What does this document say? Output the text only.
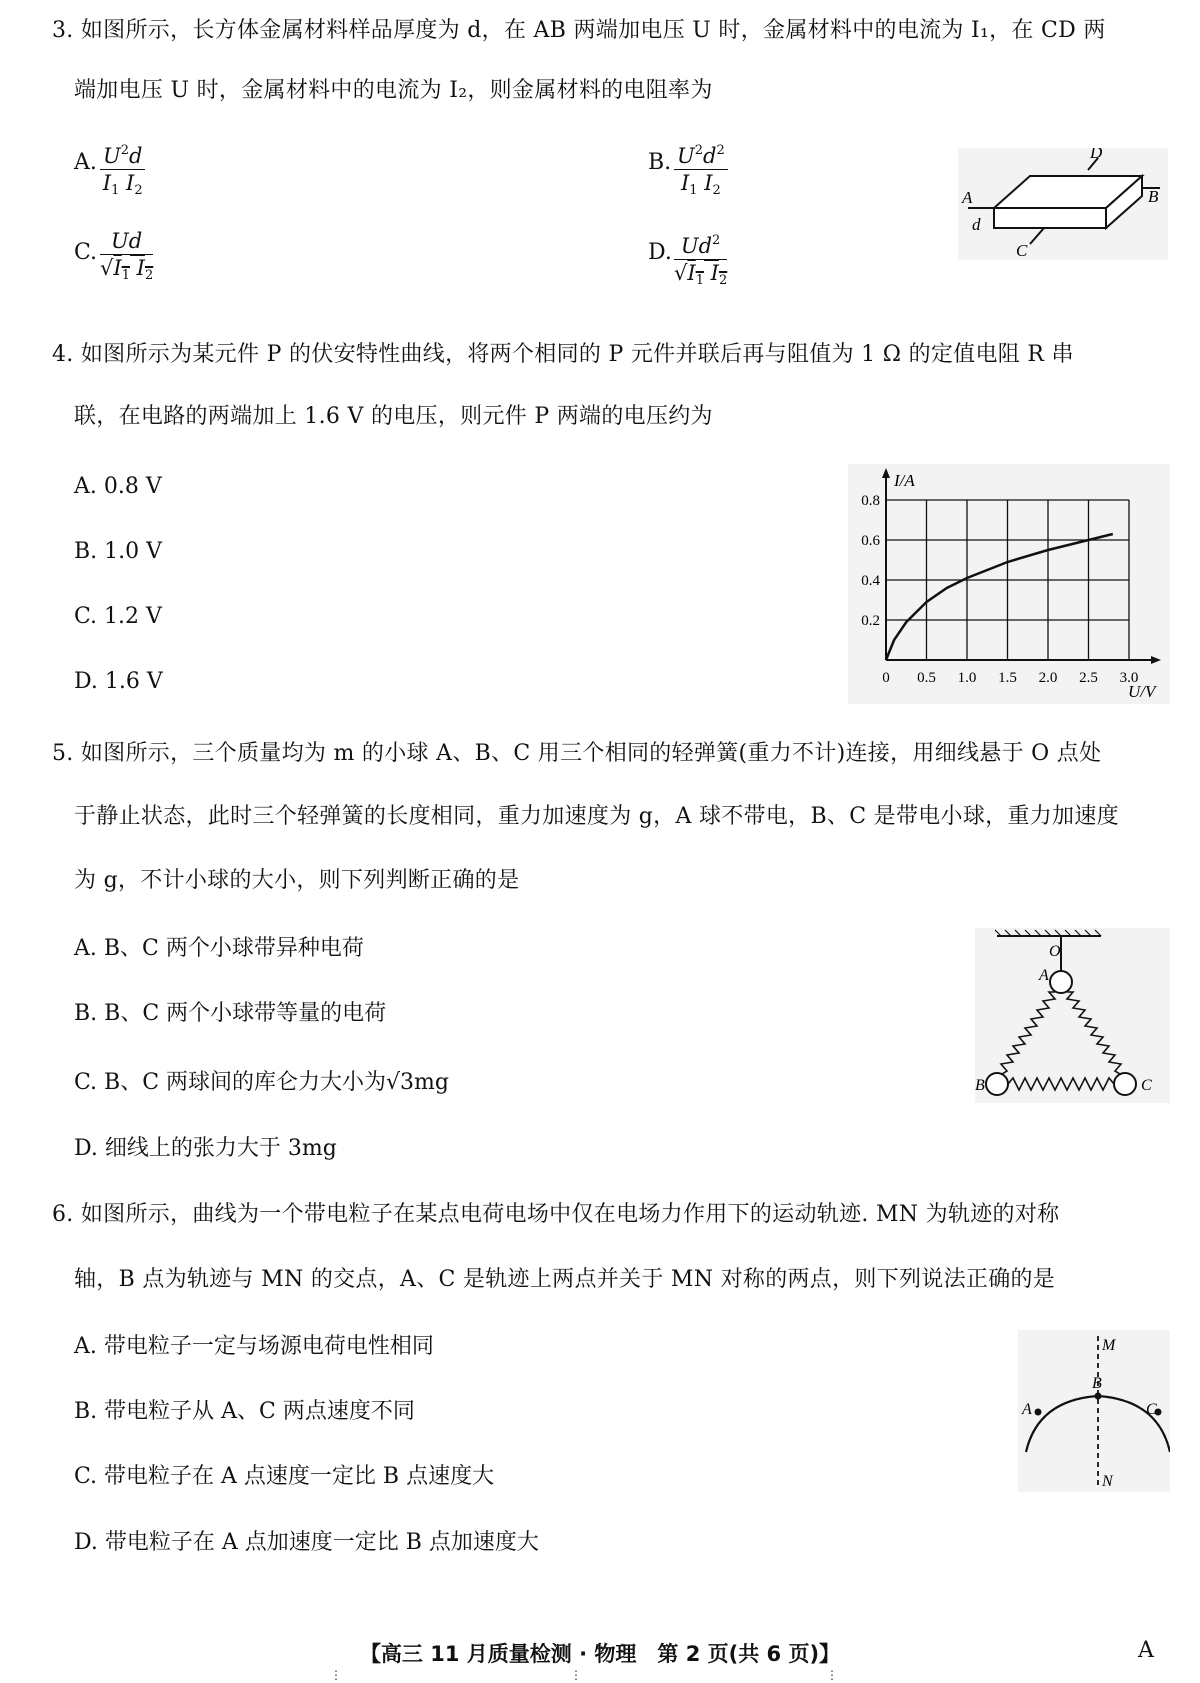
3. 如图所示，长方体金属材料样品厚度为 d，在 AB 两端加电压 U 时，金属材料中的电流为 I₁，在 CD 两
端加电压 U 时，金属材料中的电流为 I₂，则金属材料的电阻率为
A. $\frac{U^2d}{I_1 I_2}$	B. $\frac{U^2d^2}{I_1 I_2}$
C. $\frac{Ud}{√I_1 I_2}$	D. $\frac{Ud^2}{√I_1 I_2}$
A	B
C
D
d
4. 如图所示为某元件 P 的伏安特性曲线，将两个相同的 P 元件并联后再与阻值为 1 Ω 的定值电阻 R 串
联，在电路的两端加上 1.6 V 的电压，则元件 P 两端的电压约为
A. 0.8 V
B. 1.0 V
C. 1.2 V
D. 1.6 V	0 0.5 1.0 1.5 2.0 2.5 3.0
0.2
0.4
0.6
0.8
I/A
U/V
5. 如图所示，三个质量均为 m 的小球 A、B、C 用三个相同的轻弹簧(重力不计)连接，用细线悬于 O 点处
于静止状态，此时三个轻弹簧的长度相同，重力加速度为 g，A 球不带电，B、C 是带电小球，重力加速度
为 g，不计小球的大小，则下列判断正确的是
A. B、C 两个小球带异种电荷
B. B、C 两个小球带等量的电荷
C. B、C 两球间的库仑力大小为√3mg
D. 细线上的张力大于 3mg
O
A
B	C
6. 如图所示，曲线为一个带电粒子在某点电荷电场中仅在电场力作用下的运动轨迹. MN 为轨迹的对称
轴，B 点为轨迹与 MN 的交点，A、C 是轨迹上两点并关于 MN 对称的两点，则下列说法正确的是
A. 带电粒子一定与场源电荷电性相同
B. 带电粒子从 A、C 两点速度不同
C. 带电粒子在 A 点速度一定比 B 点速度大
D. 带电粒子在 A 点加速度一定比 B 点加速度大
M
N
B
A	C
【高三 11 月质量检测 · 物理　第 2 页(共 6 页)】	A
⋮	⋮	⋮
